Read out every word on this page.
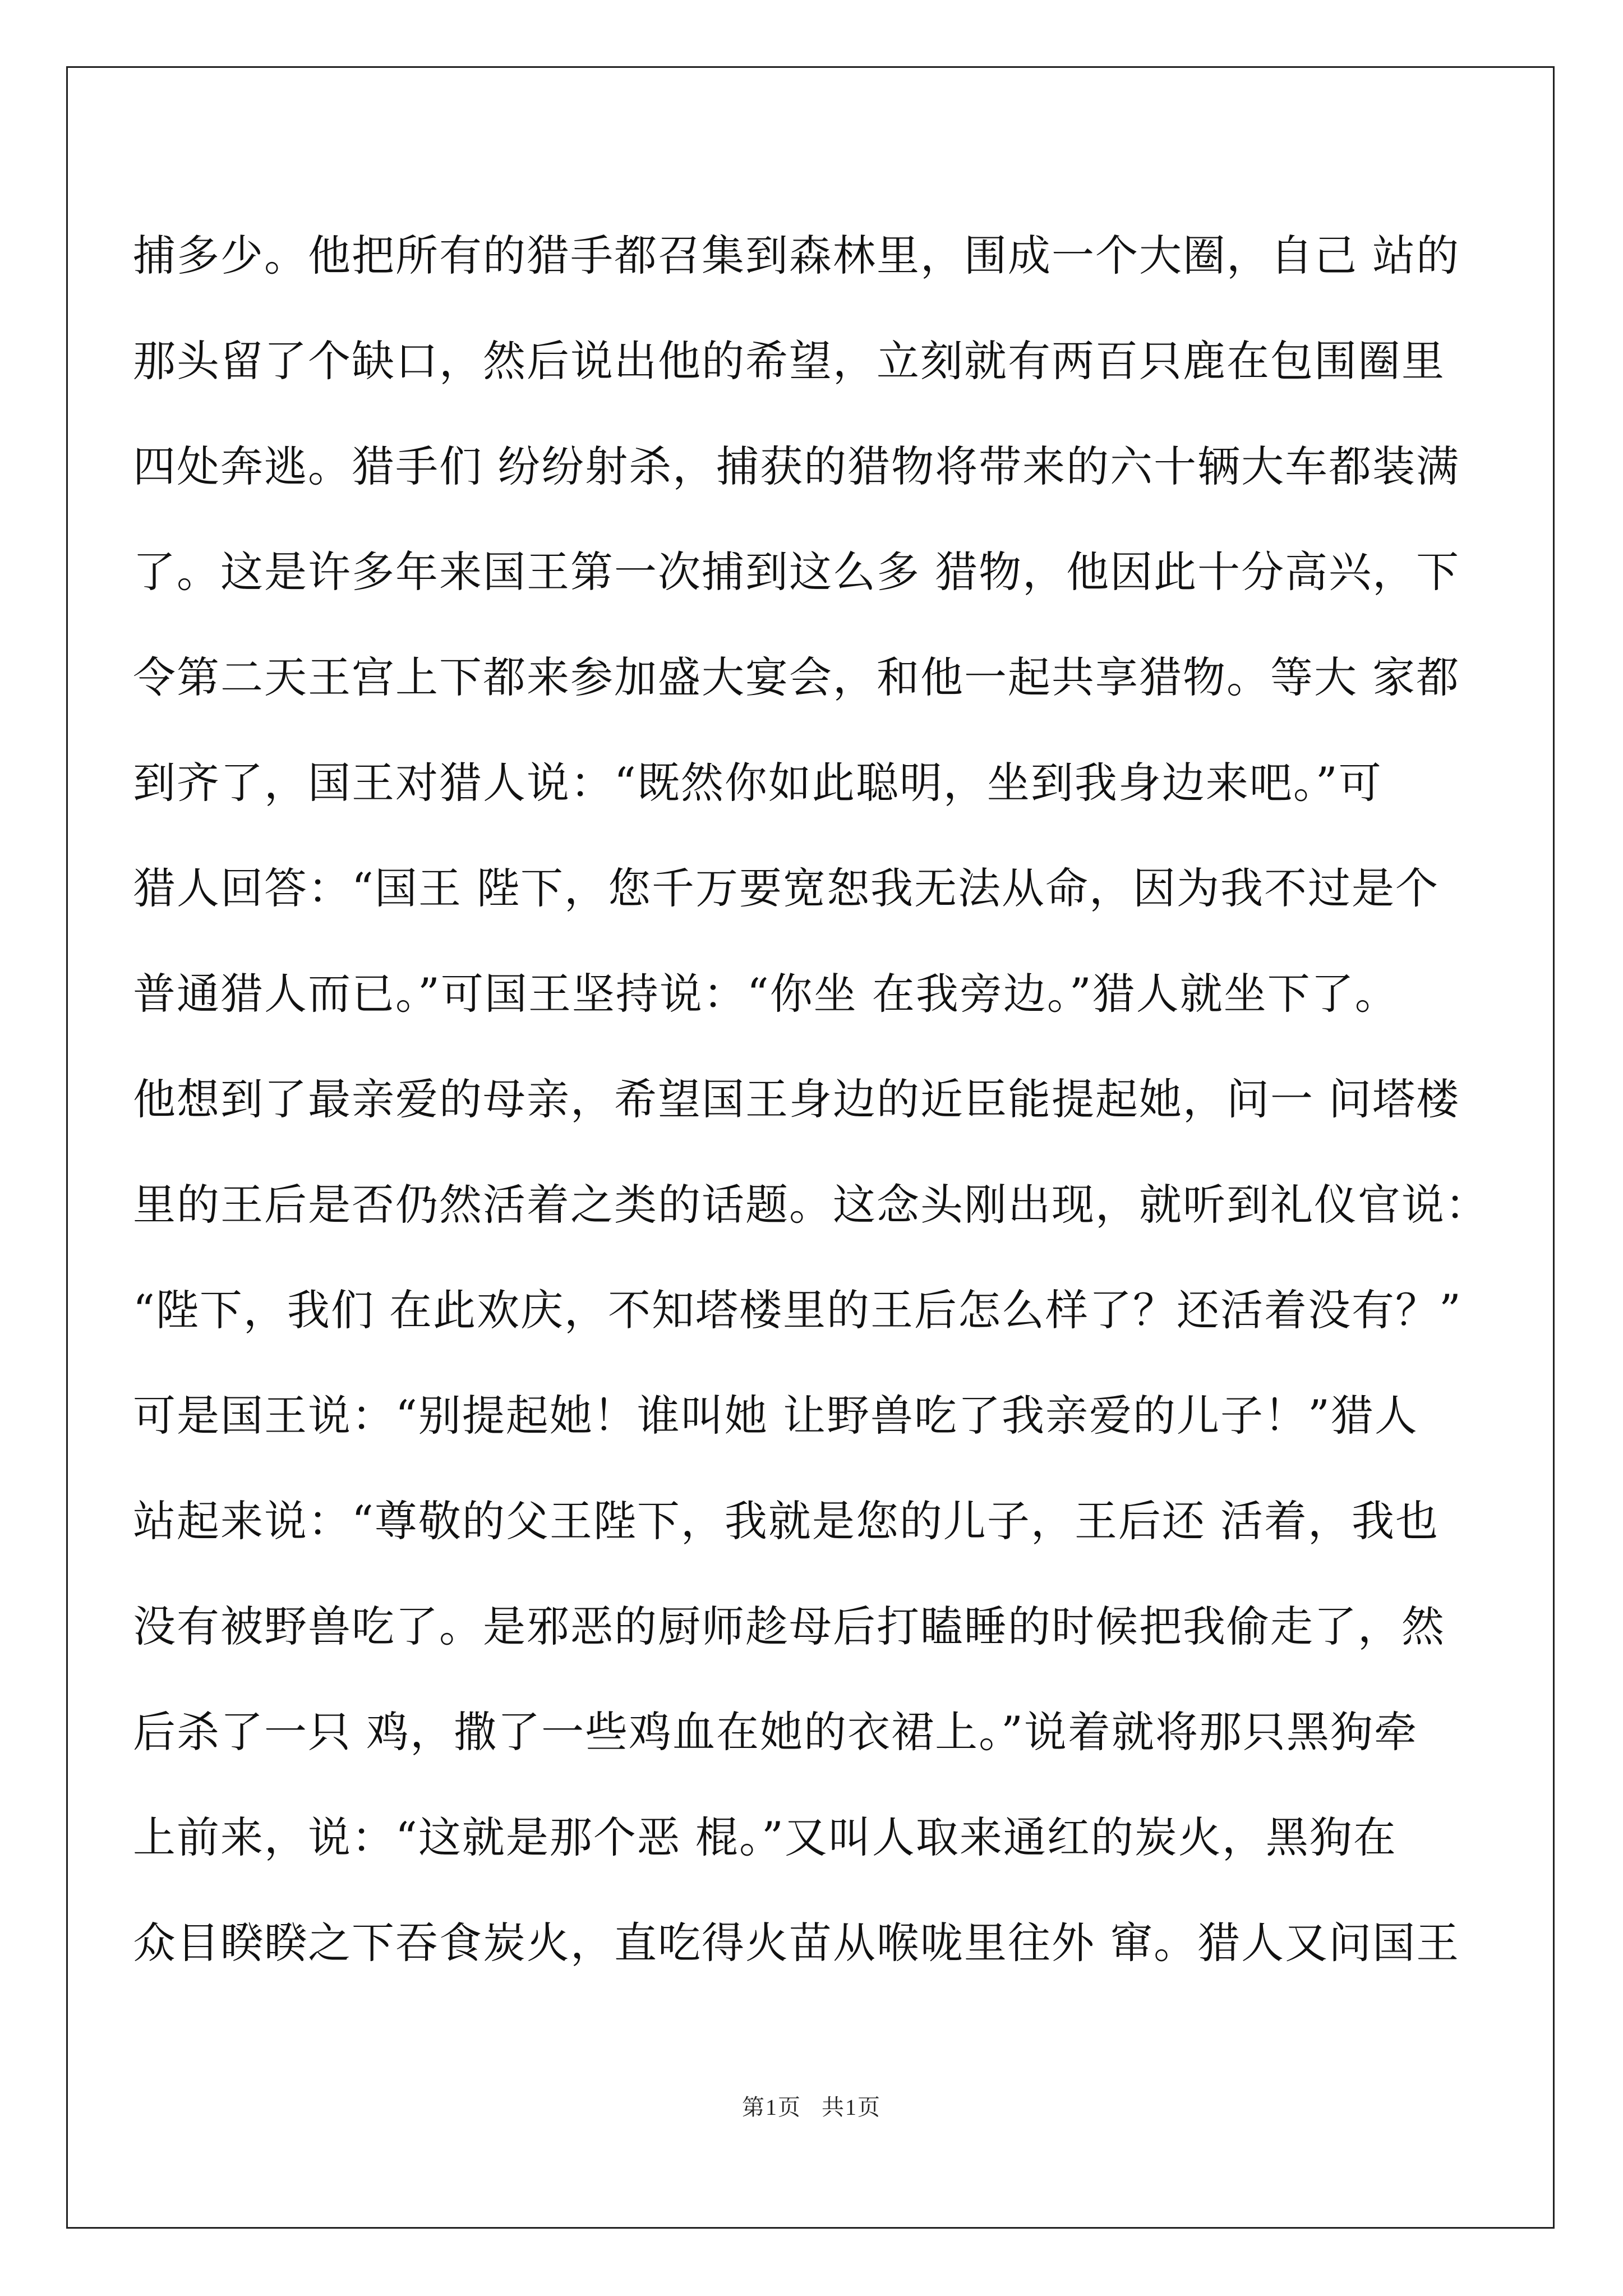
捕多少。他把所有的猎手都召集到森林里，围成一个大圈，自己 站的
那头留了个缺口，然后说出他的希望，立刻就有两百只鹿在包围圈里
四处奔逃。猎手们 纷纷射杀，捕获的猎物将带来的六十辆大车都装满
了。这是许多年来国王第一次捕到这么多 猎物，他因此十分高兴，下
令第二天王宫上下都来参加盛大宴会，和他一起共享猎物。等大 家都
到齐了，国王对猎人说：“既然你如此聪明，坐到我身边来吧。”可
猎人回答：“国王 陛下，您千万要宽恕我无法从命，因为我不过是个
普通猎人而已。”可国王坚持说：“你坐 在我旁边。”猎人就坐下了。
他想到了最亲爱的母亲，希望国王身边的近臣能提起她，问一 问塔楼
里的王后是否仍然活着之类的话题。这念头刚出现，就听到礼仪官说：
“陛下，我们 在此欢庆，不知塔楼里的王后怎么样了？还活着没有？”
可是国王说：“别提起她！谁叫她 让野兽吃了我亲爱的儿子！”猎人
站起来说：“尊敬的父王陛下，我就是您的儿子，王后还 活着，我也
没有被野兽吃了。是邪恶的厨师趁母后打瞌睡的时候把我偷走了，然
后杀了一只 鸡，撒了一些鸡血在她的衣裙上。”说着就将那只黑狗牵
上前来，说：“这就是那个恶 棍。”又叫人取来通红的炭火，黑狗在
众目睽睽之下吞食炭火，直吃得火苗从喉咙里往外 窜。猎人又问国王
第1页 共1页
